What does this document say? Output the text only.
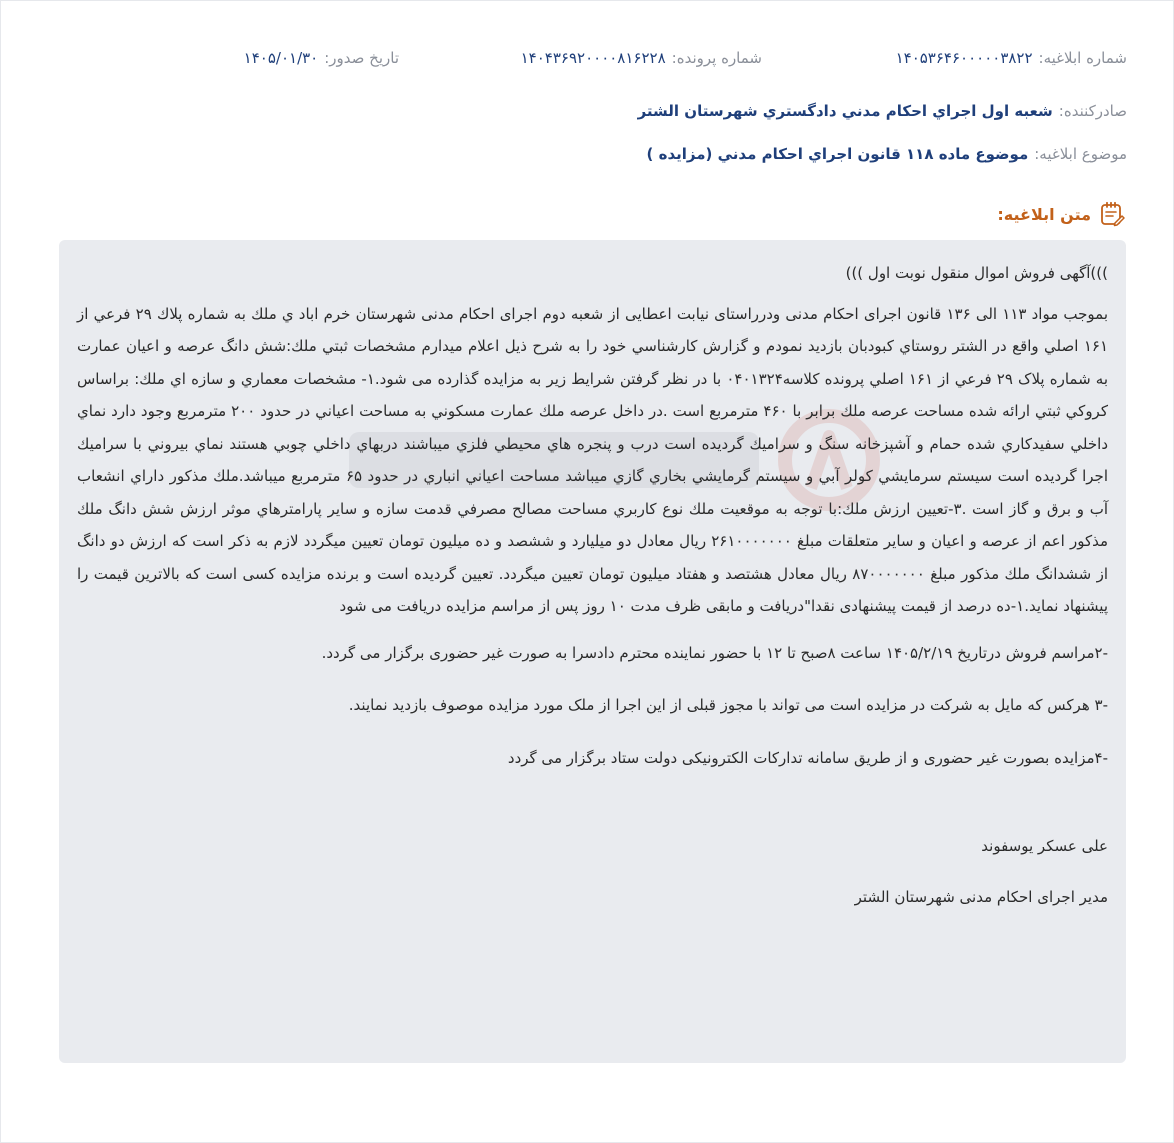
شماره ابلاغیه:
۱۴۰۵۳۶۴۶۰۰۰۰۰۳۸۲۲
شماره پرونده:
۱۴۰۴۳۶۹۲۰۰۰۰۸۱۶۲۲۸
تاریخ صدور:
۱۴۰۵/۰۱/۳۰
صادرکننده:
شعبه اول اجراي احكام مدني دادگستري شهرستان الشتر
موضوع ابلاغیه:
موضوع ماده ۱۱۸ قانون اجراي احكام مدني (مزايده )
متن ابلاغیه:

)))آگهی فروش اموال منقول نوبت اول )))

بموجب مواد ۱۱۳ الی ۱۳۶ قانون اجرای احکام مدنی ودرراستای نیابت اعطایی از شعبه دوم اجرای احکام مدنی شهرستان خرم اباد ي ملك به شماره پلاك ۲۹ فرعي از ۱۶۱ اصلي واقع در الشتر روستاي كبودبان بازديد نمودم و گزارش كارشناسي خود را به شرح ذيل اعلام ميدارم مشخصات ثبتي ملك:شش دانگ عرصه و اعيان عمارت به شماره پلاک ۲۹ فرعي از ۱۶۱ اصلي پرونده کلاسه۰۴۰۱۳۲۴ با در نظر گرفتن شرایط زیر به مزایده گذارده می شود.۱- مشخصات معماري و سازه اي ملك: براساس كروكي ثبتي ارائه شده مساحت عرصه ملك برابر با ۴۶۰ مترمربع است .در داخل عرصه ملك عمارت مسكوني به مساحت اعياني در حدود ۲۰۰ مترمربع وجود دارد نماي داخلي سفيدكاري شده حمام و آشپزخانه سنگ و سراميك گرديده است درب و پنجره هاي محيطي فلزي ميباشند دربهاي داخلي چوبي هستند نماي بيروني با سراميك اجرا گرديده است سيستم سرمايشي كولر آبي و سيستم گرمايشي بخاري گازي ميباشد مساحت اعياني انباري در حدود ۶۵ مترمربع ميباشد.ملك مذكور داراي انشعاب آب و برق و گاز است .۳-تعيين ارزش ملك:با توجه به موقعيت ملك نوع كاربري مساحت مصالح مصرفي قدمت سازه و ساير پارامترهاي موثر ارزش شش دانگ ملك مذكور اعم از عرصه و اعيان و ساير متعلقات مبلغ ۲۶۱۰۰۰۰۰۰۰ ريال معادل دو میلیارد و ششصد و ده میلیون تومان تعيين ميگردد لازم به ذكر است كه ارزش دو دانگ از ششدانگ ملك مذكور مبلغ ۸۷۰۰۰۰۰۰۰ ريال معادل هشتصد و هفتاد میلیون تومان تعيين ميگردد. تعیین گردیده است و برنده مزایده کسی است که بالاترین قیمت را پیشنهاد نماید.۱-ده درصد از قیمت پیشنهادی نقدا"دریافت و مابقی ظرف مدت ۱۰ روز پس از مراسم مزایده دریافت می شود

-۲مراسم فروش درتاریخ ۱۴۰۵/۲/۱۹ ساعت ۸صبح تا ۱۲ با حضور نماینده محترم دادسرا به صورت غیر حضوری برگزار می گردد.

-۳ هرکس که مایل به شرکت در مزایده است می تواند با مجوز قبلی از این اجرا از ملک مورد مزایده موصوف بازدید نمایند.

-۴مزایده بصورت غیر حضوری و از طریق سامانه تدارکات الکترونیکی دولت ستاد برگزار می گردد

علی عسکر یوسفوند

مدیر اجرای احکام مدنی شهرستان الشتر
